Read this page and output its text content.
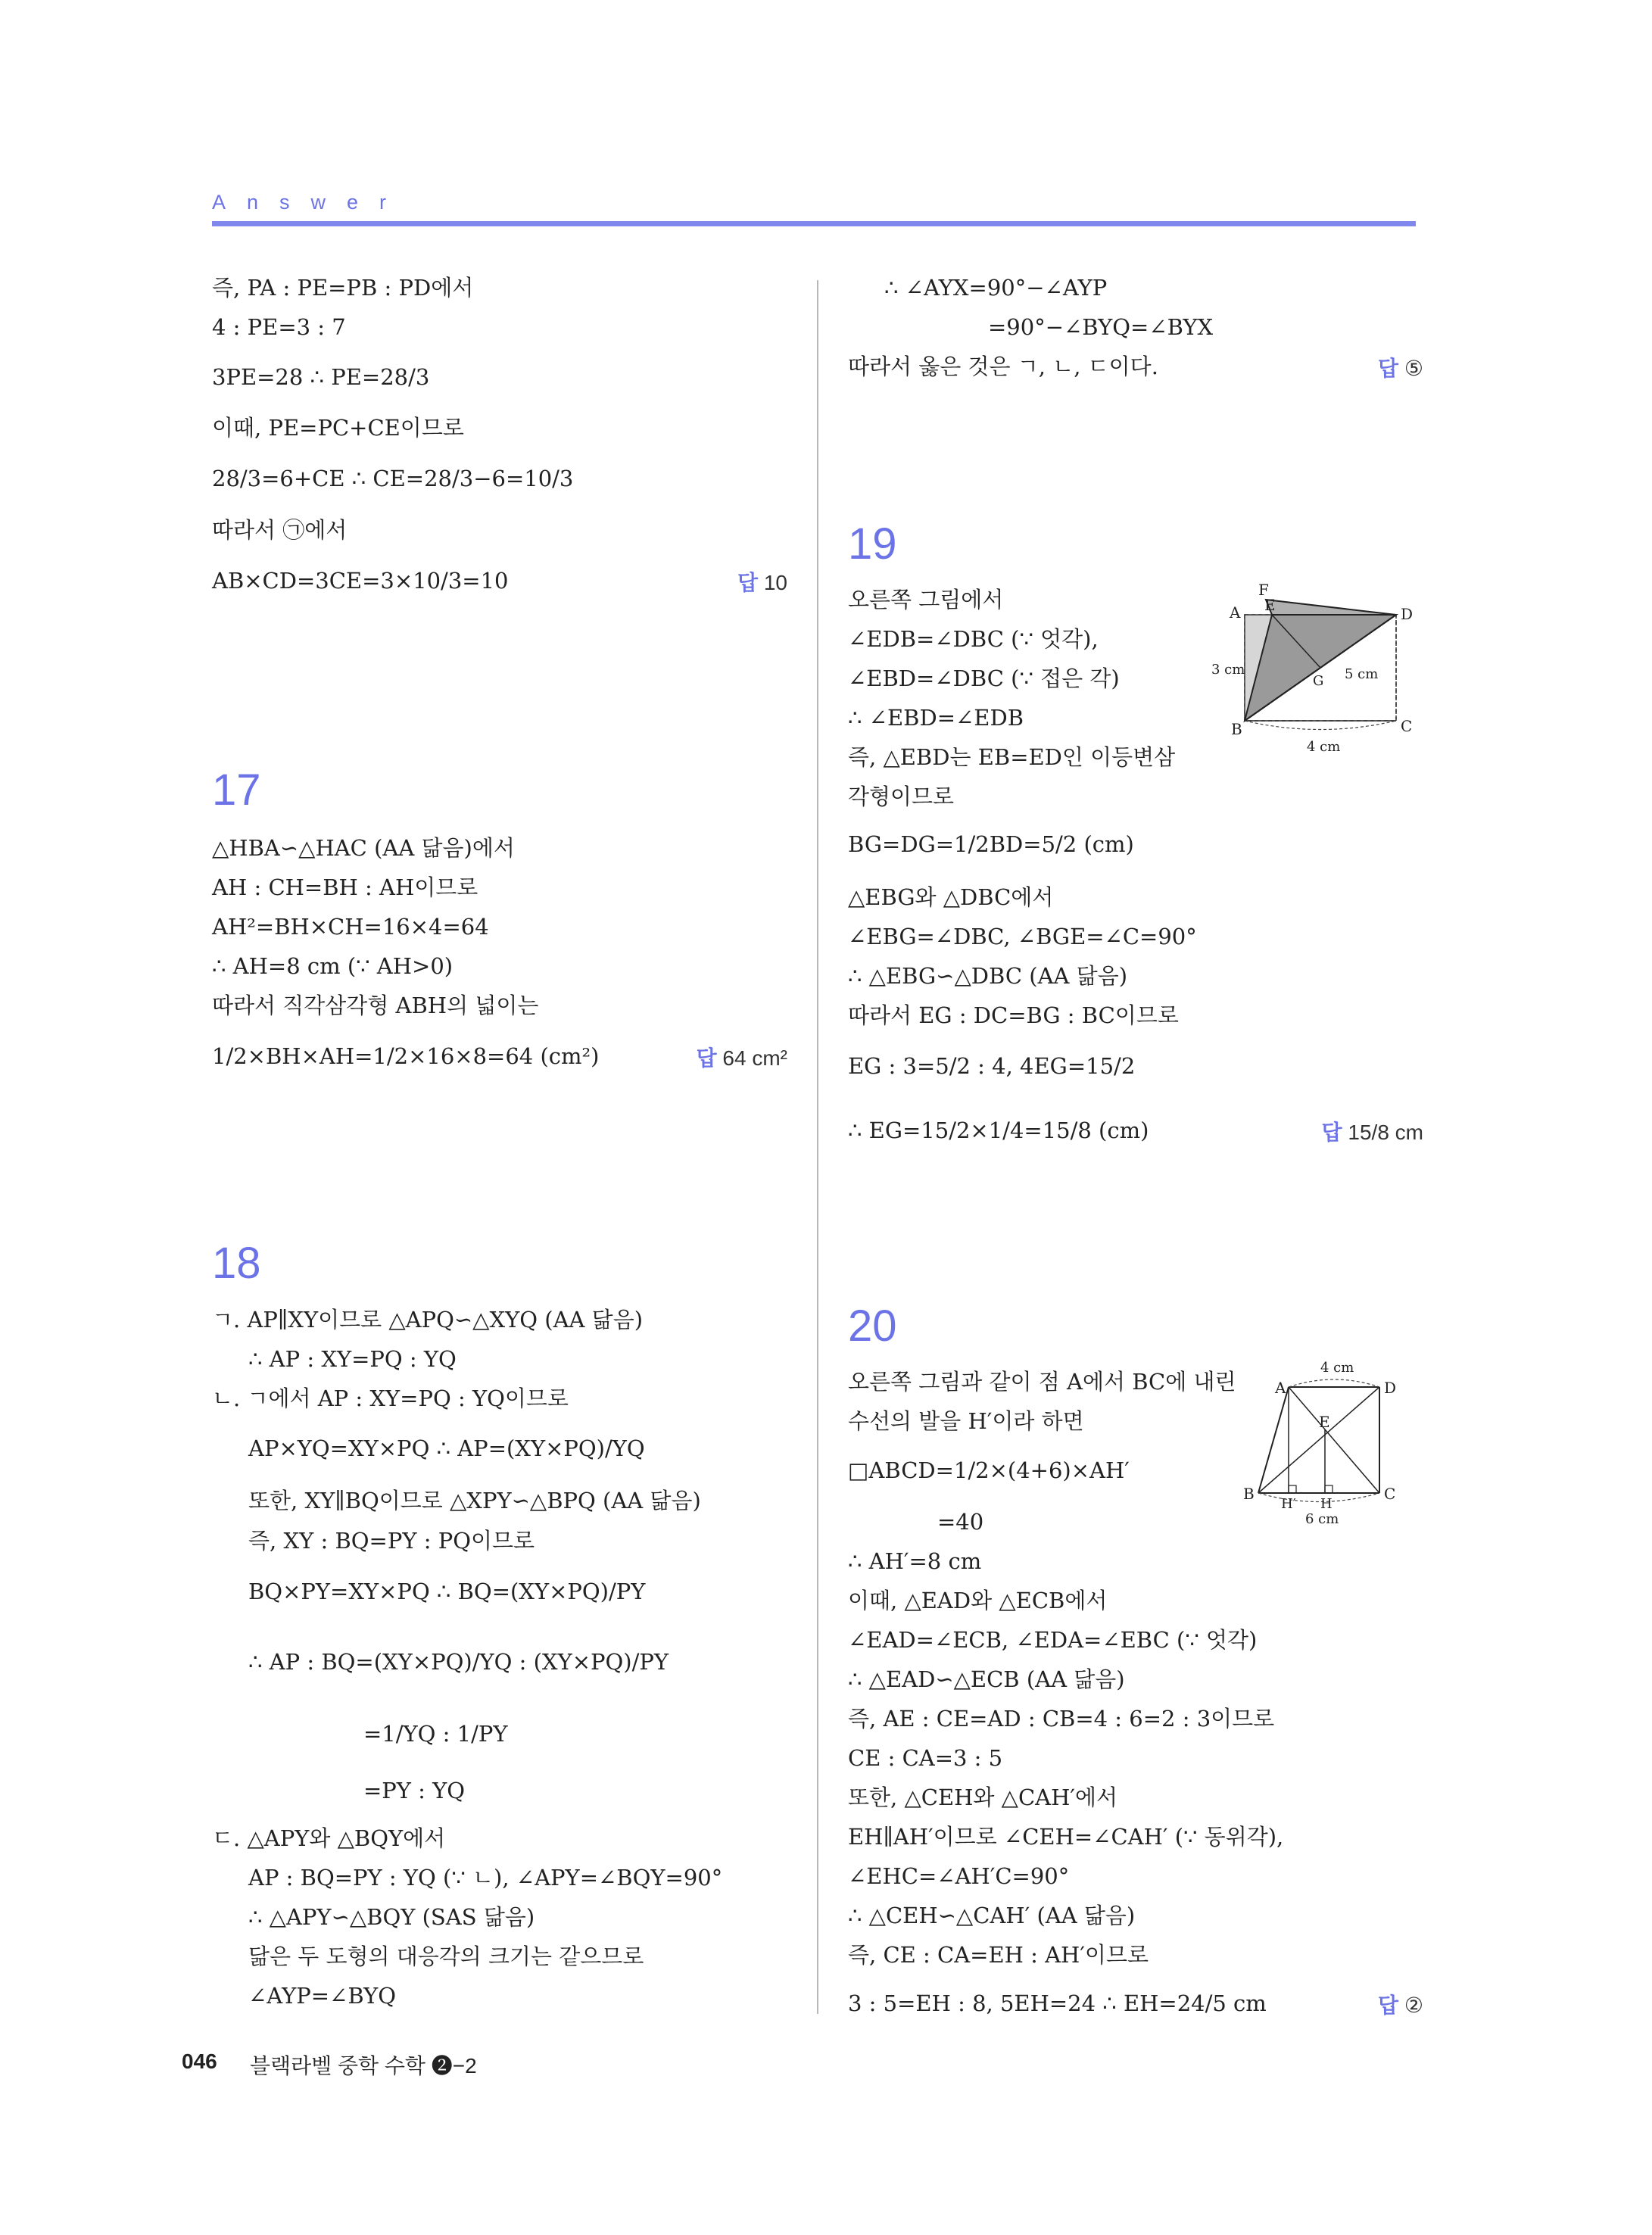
Answer
즉, PA : PE=PB : PD에서
4 : PE=3 : 7
3PE=28 ∴ PE=28/3
이때, PE=PC+CE이므로
28/3=6+CE ∴ CE=28/3−6=10/3
따라서 ㉠에서
AB×CD=3CE=3×10/3=10	답 10
17
△HBA∽△HAC (AA 닮음)에서
AH : CH=BH : AH이므로
AH²=BH×CH=16×4=64
∴ AH=8 cm (∵ AH>0)
따라서 직각삼각형 ABH의 넓이는
1/2×BH×AH=1/2×16×8=64 (cm²)	답 64 cm²
18
ㄱ. AP∥XY이므로 △APQ∽△XYQ (AA 닮음)
∴ AP : XY=PQ : YQ
ㄴ. ㄱ에서 AP : XY=PQ : YQ이므로
AP×YQ=XY×PQ ∴ AP=(XY×PQ)/YQ
또한, XY∥BQ이므로 △XPY∽△BPQ (AA 닮음)
즉, XY : BQ=PY : PQ이므로
BQ×PY=XY×PQ ∴ BQ=(XY×PQ)/PY
∴ AP : BQ=(XY×PQ)/YQ : (XY×PQ)/PY
=1/YQ : 1/PY
=PY : YQ
ㄷ. △APY와 △BQY에서
AP : BQ=PY : YQ (∵ ㄴ), ∠APY=∠BQY=90°
∴ △APY∽△BQY (SAS 닮음)
닮은 두 도형의 대응각의 크기는 같으므로
∠AYP=∠BYQ
∴ ∠AYX=90°−∠AYP
=90°−∠BYQ=∠BYX
따라서 옳은 것은 ㄱ, ㄴ, ㄷ이다.	답 ⑤
19
오른쪽 그림에서
∠EDB=∠DBC (∵ 엇각),
∠EBD=∠DBC (∵ 접은 각)
∴ ∠EBD=∠EDB
즉, △EBD는 EB=ED인 이등변삼
각형이므로
BG=DG=1/2BD=5/2 (cm)
△EBG와 △DBC에서
∠EBG=∠DBC, ∠BGE=∠C=90°
∴ △EBG∽△DBC (AA 닮음)
따라서 EG : DC=BG : BC이므로
EG : 3=5/2 : 4, 4EG=15/2
∴ EG=15/2×1/4=15/8 (cm)	답 15/8 cm
F
A E	D
3 cm
G 5 cm
B
4 cm
C
20
오른쪽 그림과 같이 점 A에서 BC에 내린
수선의 발을 H′이라 하면
□ABCD=1/2×(4+6)×AH′
=40
∴ AH′=8 cm
이때, △EAD와 △ECB에서
∠EAD=∠ECB, ∠EDA=∠EBC (∵ 엇각)
∴ △EAD∽△ECB (AA 닮음)
즉, AE : CE=AD : CB=4 : 6=2 : 3이므로
CE : CA=3 : 5
또한, △CEH와 △CAH′에서
EH∥AH′이므로 ∠CEH=∠CAH′ (∵ 동위각),
∠EHC=∠AH′C=90°
∴ △CEH∽△CAH′ (AA 닮음)
즉, CE : CA=EH : AH′이므로
3 : 5=EH : 8, 5EH=24 ∴ EH=24/5 cm	답 ②
4 cm
A	D
E
B
H′ H
C
6 cm
046 블랙라벨 중학 수학 ❷−2
